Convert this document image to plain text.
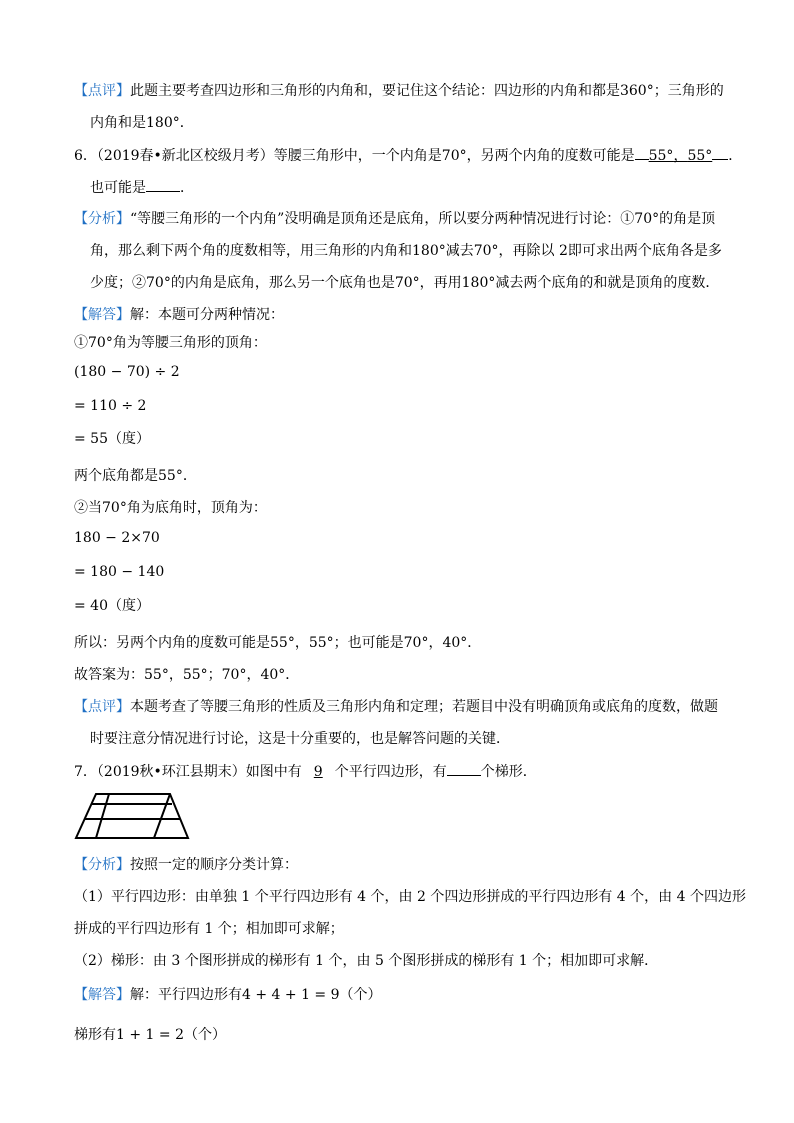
【点评】此题主要考查四边形和三角形的内角和，要记住这个结论：四边形的内角和都是360°；三角形的
内角和是180°．
6．（2019春•新北区校级月考）等腰三角形中，一个内角是70°，另两个内角的度数可能是 55°，55° ．
也可能是 ．
【分析】“等腰三角形的一个内角”没明确是顶角还是底角，所以要分两种情况进行讨论：①70°的角是顶
角，那么剩下两个角的度数相等，用三角形的内角和180°减去70°，再除以 2即可求出两个底角各是多
少度；②70°的内角是底角，那么另一个底角也是70°，再用180°减去两个底角的和就是顶角的度数．
【解答】解：本题可分两种情况：
①70°角为等腰三角形的顶角：
(180 − 70) ÷ 2
= 110 ÷ 2
= 55（度）
两个底角都是55°．
②当70°角为底角时，顶角为：
180 − 2×70
= 180 − 140
= 40（度）
所以：另两个内角的度数可能是55°，55°；也可能是70°，40°．
故答案为：55°，55°；70°，40°．
【点评】本题考查了等腰三角形的性质及三角形内角和定理；若题目中没有明确顶角或底角的度数，做题
时要注意分情况进行讨论，这是十分重要的，也是解答问题的关键．
7．（2019秋•环江县期末）如图中有 9 个平行四边形，有 个梯形．
【分析】按照一定的顺序分类计算：
（1）平行四边形：由单独 1 个平行四边形有 4 个，由 2 个四边形拼成的平行四边形有 4 个，由 4 个四边形
拼成的平行四边形有 1 个；相加即可求解；
（2）梯形：由 3 个图形拼成的梯形有 1 个，由 5 个图形拼成的梯形有 1 个；相加即可求解．
【解答】解：平行四边形有4 + 4 + 1 = 9（个）
梯形有1 + 1 = 2（个）
